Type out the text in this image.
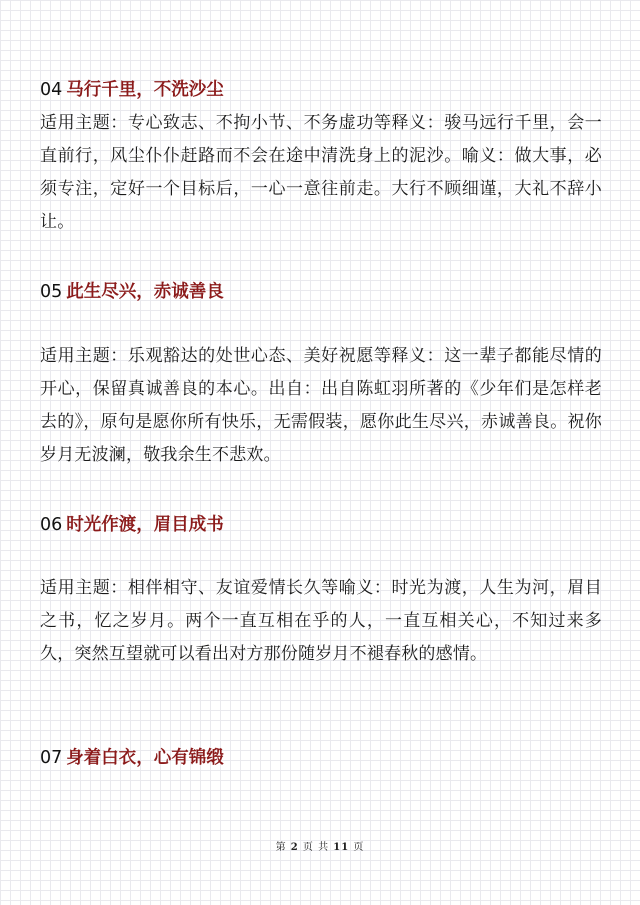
04 马行千里，不洗沙尘
适用主题：专心致志、不拘小节、不务虚功等释义：骏马远行千里，会一直前行，风尘仆仆赶路而不会在途中清洗身上的泥沙。喻义：做大事，必须专注，定好一个目标后，一心一意往前走。大行不顾细谨，大礼不辞小让。
05 此生尽兴，赤诚善良
适用主题：乐观豁达的处世心态、美好祝愿等释义：这一辈子都能尽情的开心，保留真诚善良的本心。出自：出自陈虹羽所著的《少年们是怎样老去的》，原句是愿你所有快乐，无需假装，愿你此生尽兴，赤诚善良。祝你岁月无波澜，敬我余生不悲欢。
06 时光作渡，眉目成书
适用主题：相伴相守、友谊爱情长久等喻义：时光为渡，人生为河，眉目之书，忆之岁月。两个一直互相在乎的人，一直互相关心，不知过来多久，突然互望就可以看出对方那份随岁月不褪春秋的感情。
07 身着白衣，心有锦缎
第 2 页 共 11 页
